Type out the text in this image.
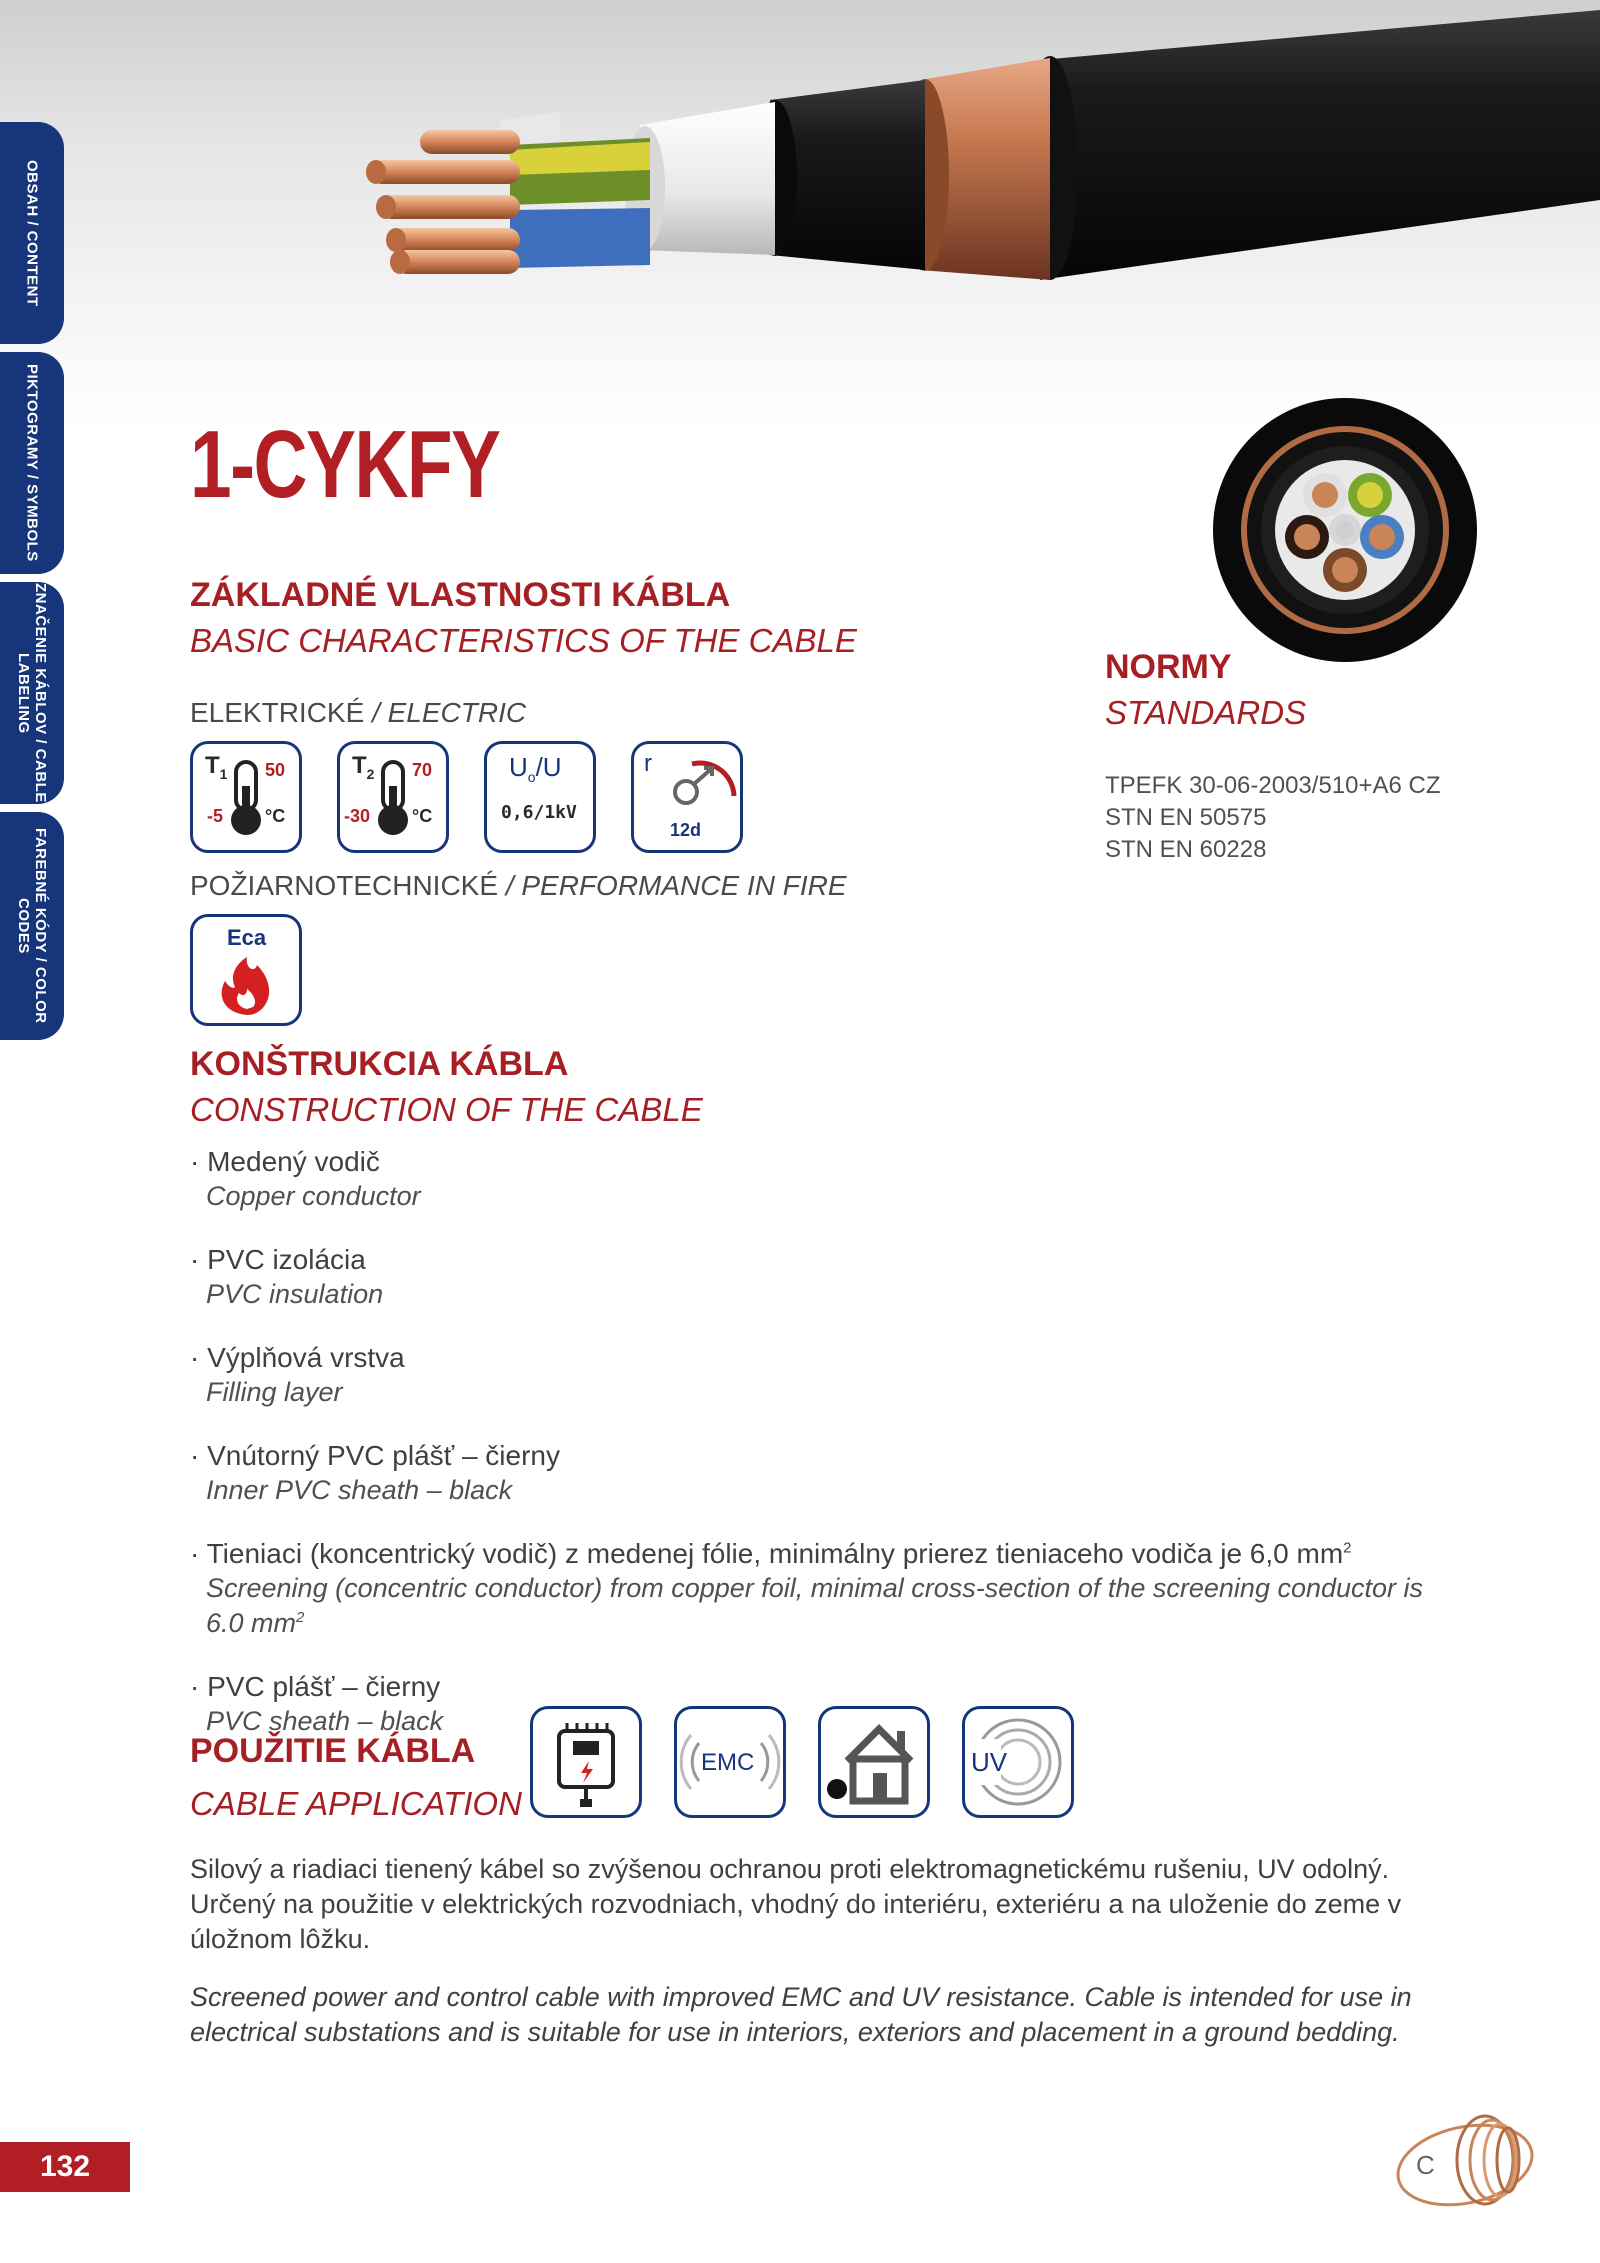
OBSAH / CONTENT
PIKTOGRAMY / SYMBOLS
ZNAČENIE KÁBLOV / CABLE LABELING
FAREBNÉ KÓDY / COLOR CODES
1-CYKFY
ZÁKLADNÉ VLASTNOSTI KÁBLA
BASIC CHARACTERISTICS OF THE CABLE
ELEKTRICKÉ / ELECTRIC
$T_1$ 50
-5 °C
$T_2$ 70
-30 °C
$U_o/U$
0,6/1kV
r
12d
POŽIARNOTECHNICKÉ / PERFORMANCE IN FIRE
Eca
NORMY
STANDARDS
TPEFK 30-06-2003/510+A6 CZ
STN EN 50575
STN EN 60228
KONŠTRUKCIA KÁBLA
CONSTRUCTION OF THE CABLE
· Medený vodič
Copper conductor
· PVC izolácia
PVC insulation
· Výplňová vrstva
Filling layer
· Vnútorný PVC plášť – čierny
Inner PVC sheath – black
· Tieniaci (koncentrický vodič) z medenej fólie, minimálny prierez tieniaceho vodiča je 6,0 $mm^2$
Screening (concentric conductor) from copper foil, minimal cross-section of the screening conductor is 6.0 $mm^2$
· PVC plášť – čierny
PVC sheath – black
POUŽITIE KÁBLA
CABLE APPLICATION
EMC	UV
Silový a riadiaci tienený kábel so zvýšenou ochranou proti elektromagnetickému rušeniu, UV odolný. Určený na použitie v elektrických rozvodniach, vhodný do interiéru, exteriéru a na uloženie do zeme v úložnom lôžku.
Screened power and control cable with improved EMC and UV resistance. Cable is intended for use in electrical substations and is suitable for use in interiors, exteriors and placement in a ground bedding.
132	C
